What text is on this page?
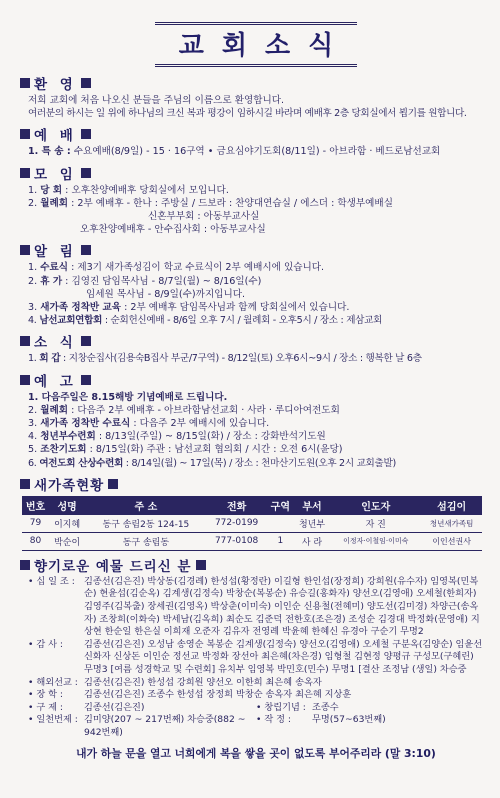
교회소식
환 영
저희 교회에 처음 나오신 분들을 주님의 이름으로 환영합니다.
여러분의 하시는 일 위에 하나님의 크신 복과 평강이 임하시길 바라며 예배후 2층 당회실에서 뵙기를 원합니다.
예 배
1. 특 송 : 수요예배(8/9일) - 15 · 16구역 • 금요심야기도회(8/11일) - 아브라함 · 베드로남선교회
모 임
1. 당 회 : 오후찬양예배후 당회실에서 모입니다.
2. 월례회 : 2부 예배후 - 한나 : 주방실 / 드보라 : 찬양대연습실 / 에스더 : 학생부예배실
신혼부부회 : 아동부교사실
오후찬양예배후 - 안수집사회 : 아동부교사실
알 림
1. 수료식 : 제3기 새가족성김이 학교 수료식이 2부 예배시에 있습니다.
2. 휴 가 : 김영진 담임목사님 - 8/7일(월) ~ 8/16일(수)
임세원 목사님 - 8/9일(수)까지입니다.
3. 새가족 정착반 교육 : 2부 예배후 담임목사님과 함께 당회실에서 있습니다.
4. 남선교회연합회 : 순회헌신예배 - 8/6일 오후 7시 / 월례회 - 오후5시 / 장소 : 제삼교회
소 식
1. 회 갑 : 지창순집사(김용숙B집사 부군/7구역) - 8/12일(토) 오후6시~9시 / 장소 : 행복한 날 6층
예 고
1. 다음주일은 8.15해방 기념예배로 드립니다.
2. 월례회 : 다음주 2부 예배후 - 아브라함남선교회 · 사라 · 루디아여전도회
3. 새가족 정착반 수료식 : 다음주 2부 예배시에 있습니다.
4. 청년부수련회 : 8/13일(주일) ~ 8/15일(화) / 장소 : 강화반석기도원
5. 조찬기도회 : 8/15일(화) 주관 : 남선교회 협의회 / 시간 : 오전 6시(윤당)
6. 여전도회 산상수련회 : 8/14일(월) ~ 17일(목) / 장소 : 천마산기도원(오후 2시 교회출발)
새가족현황
번호	성명	주 소	전화	구역	부서	인도자	섬김이
79	이지혜	동구 송림2동 124-15	772-0199		청년부	자 진	청년새가족팀
80	박순이	동구 송림동	777-0108	1	사 라	이정자·이철임·이미숙	이인선권사
향기로운 예물 드리신 분
• 십 일 조 : 김종선(김은진) 박상동(김경례) 한성섭(황정란) 이길형 한인섭(장정희) 강희원(유수자) 임영복(민복순) 현윤섭(김순옥) 김계생(김정숙) 박창순(복봉순) 유승길(홍화자) 양선오(김영애) 오세철(한희자) 김영주(김복출) 장세권(김영옥) 박상춘(이미숙) 이인순 신용철(전혜미) 양도선(김미경) 차양근(송옥자) 조창희(이화숙) 박세남(김옥희) 최순도 김준덕 전한호(조은경) 조성순 김경대 박정화(문영애) 지상현 한순일 한은실 이희재 오준자 김유자 전영례 박윤혜 한혜신 유경아 구순기 무명2
• 감 사 :	김종선(김은진) 오성남 송영순 복봉순 김계생(김정숙) 양선오(김영애) 오세철 구분옥(김양순) 임윤선 신화자 신상돈 이인순 정선교 박정화 장선아 최은혜(차은경) 임형철 김현정 양평규 구성모(구혜린) 무명3 [여름 성경학교 및 수련회] 유치부 임영복 박민호(민수) 무명1 [결산 조정남 (생일) 차승중
• 해외선교 : 김종선(김은진) 한성섭 강희원 양선오 이한희 최은혜 송옥자
• 장 학 :	김종선(김은진) 조종수 한성섭 장정희 박창순 송옥자 최은혜 지상훈
• 구 제 :	김종선(김은진)	• 창립기념 : 조종수
• 일천번제 : 김미양(207 ~ 217번째) 차승중(882 ~ 942번째)
• 작 정 :	무명(57~63번째)
내가 하늘 문을 열고 너희에게 복을 쌓을 곳이 없도록 부어주리라 (말 3:10)
